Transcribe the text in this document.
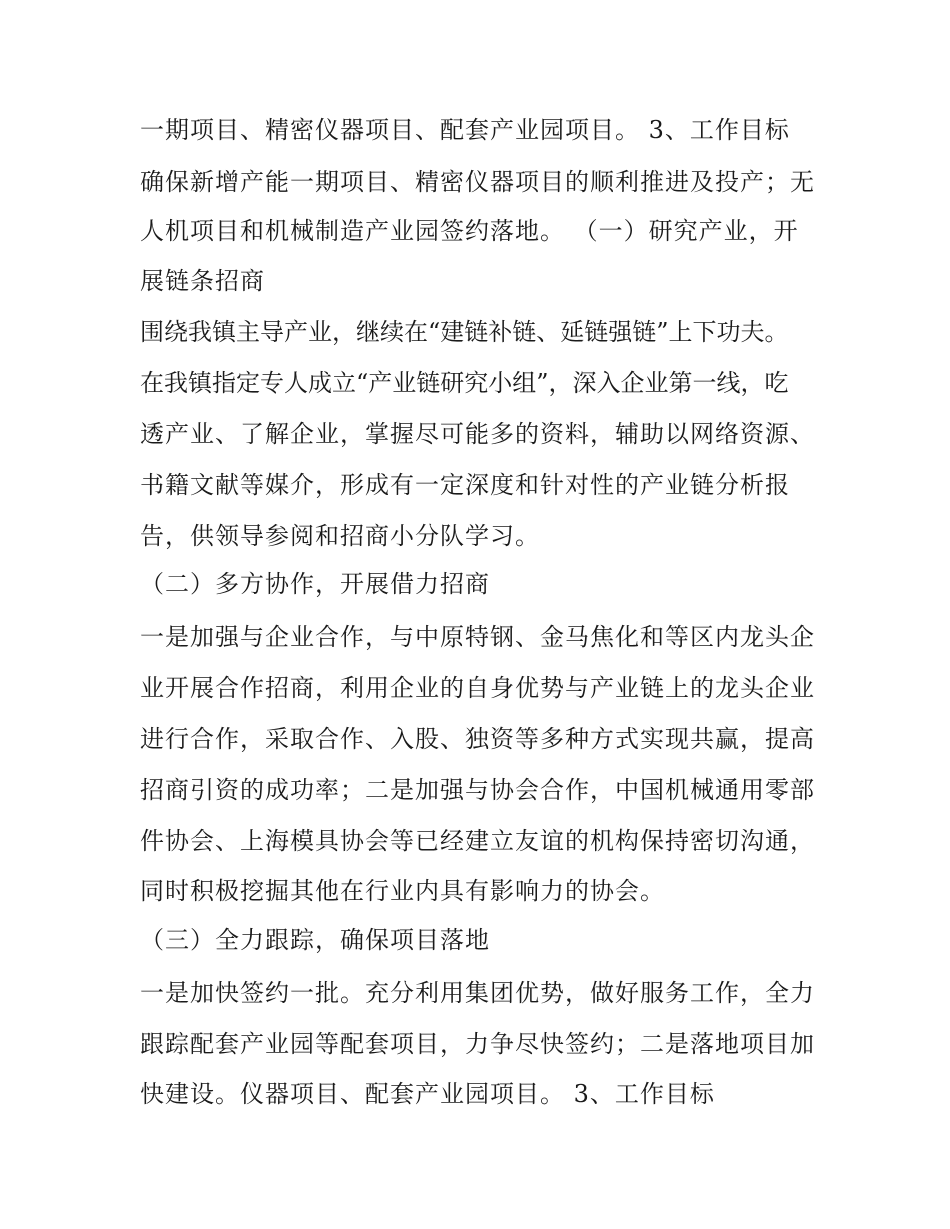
一期项目、精密仪器项目、配套产业园项目。 3、工作目标

确保新增产能一期项目、精密仪器项目的顺利推进及投产；无

人机项目和机械制造产业园签约落地。 （一）研究产业，开

展链条招商

围绕我镇主导产业，继续在“建链补链、延链强链”上下功夫。

在我镇指定专人成立“产业链研究小组”，深入企业第一线，吃

透产业、了解企业，掌握尽可能多的资料，辅助以网络资源、

书籍文献等媒介，形成有一定深度和针对性的产业链分析报

告，供领导参阅和招商小分队学习。

（二）多方协作，开展借力招商

一是加强与企业合作，与中原特钢、金马焦化和等区内龙头企

业开展合作招商，利用企业的自身优势与产业链上的龙头企业

进行合作，采取合作、入股、独资等多种方式实现共赢，提高

招商引资的成功率；二是加强与协会合作，中国机械通用零部

件协会、上海模具协会等已经建立友谊的机构保持密切沟通，

同时积极挖掘其他在行业内具有影响力的协会。

（三）全力跟踪，确保项目落地

一是加快签约一批。充分利用集团优势，做好服务工作，全力

跟踪配套产业园等配套项目，力争尽快签约；二是落地项目加

快建设。仪器项目、配套产业园项目。 3、工作目标
